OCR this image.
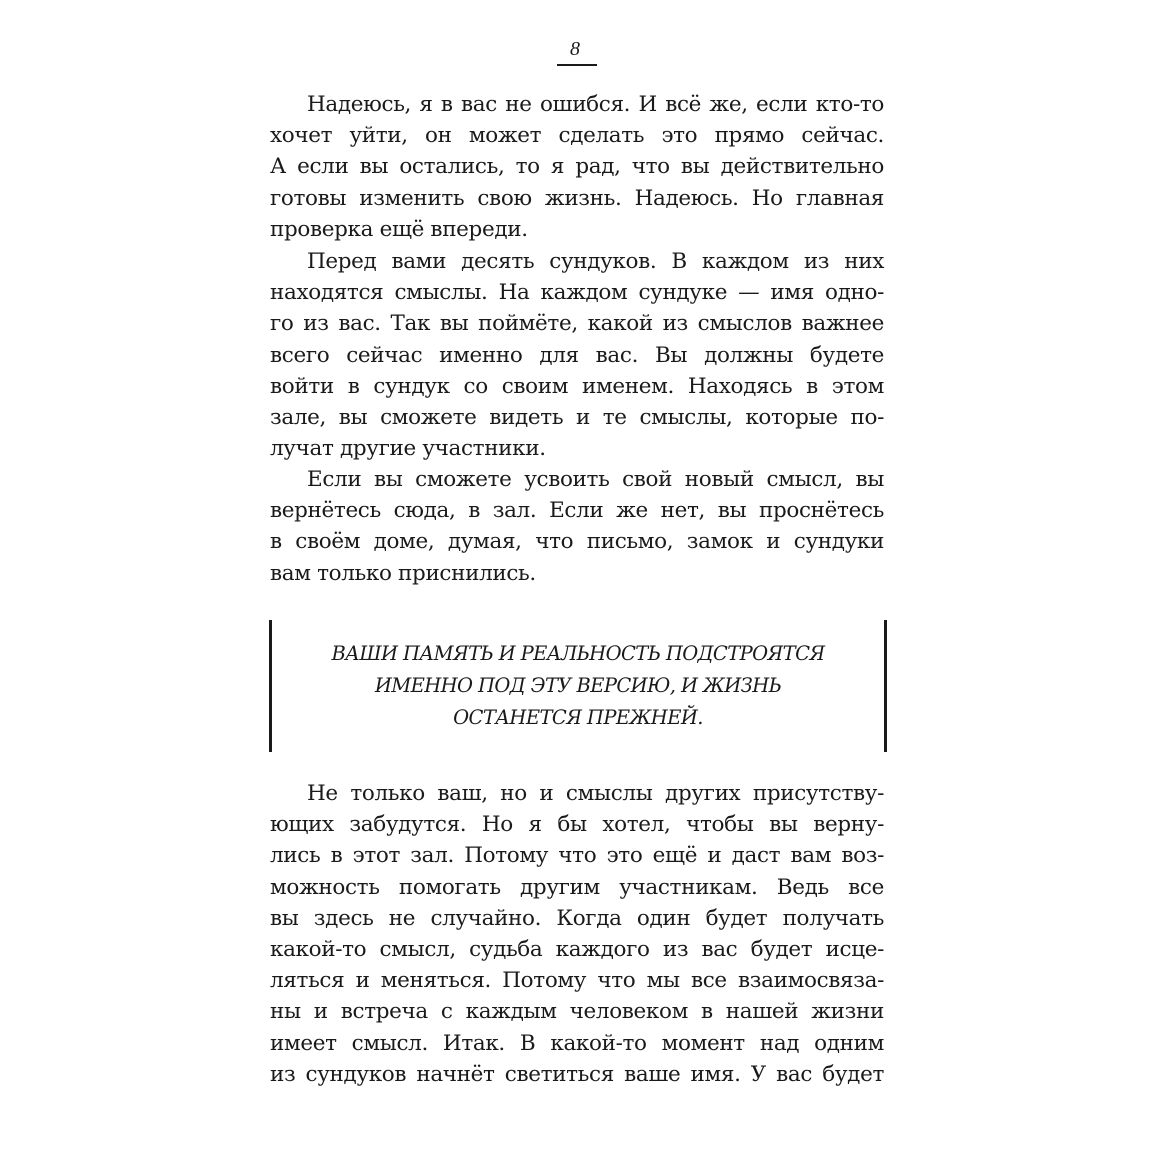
8
Надеюсь, я в вас не ошибся. И всё же, если кто-то
хочет уйти, он может сделать это прямо сейчас.
А если вы остались, то я рад, что вы действительно
готовы изменить свою жизнь. Надеюсь. Но главная
проверка ещё впереди.
Перед вами десять сундуков. В каждом из них
находятся смыслы. На каждом сундуке — имя одно-
го из вас. Так вы поймёте, какой из смыслов важнее
всего сейчас именно для вас. Вы должны будете
войти в сундук со своим именем. Находясь в этом
зале, вы сможете видеть и те смыслы, которые по-
лучат другие участники.
Если вы сможете усвоить свой новый смысл, вы
вернётесь сюда, в зал. Если же нет, вы проснётесь
в своём доме, думая, что письмо, замок и сундуки
вам только приснились.
ВАШИ ПАМЯТЬ И РЕАЛЬНОСТЬ ПОДСТРОЯТСЯ
ИМЕННО ПОД ЭТУ ВЕРСИЮ, И ЖИЗНЬ
ОСТАНЕТСЯ ПРЕЖНЕЙ.
Не только ваш, но и смыслы других присутству-
ющих забудутся. Но я бы хотел, чтобы вы верну-
лись в этот зал. Потому что это ещё и даст вам воз-
можность помогать другим участникам. Ведь все
вы здесь не случайно. Когда один будет получать
какой-то смысл, судьба каждого из вас будет исце-
ляться и меняться. Потому что мы все взаимосвяза-
ны и встреча с каждым человеком в нашей жизни
имеет смысл. Итак. В какой-то момент над одним
из сундуков начнёт светиться ваше имя. У вас будет
